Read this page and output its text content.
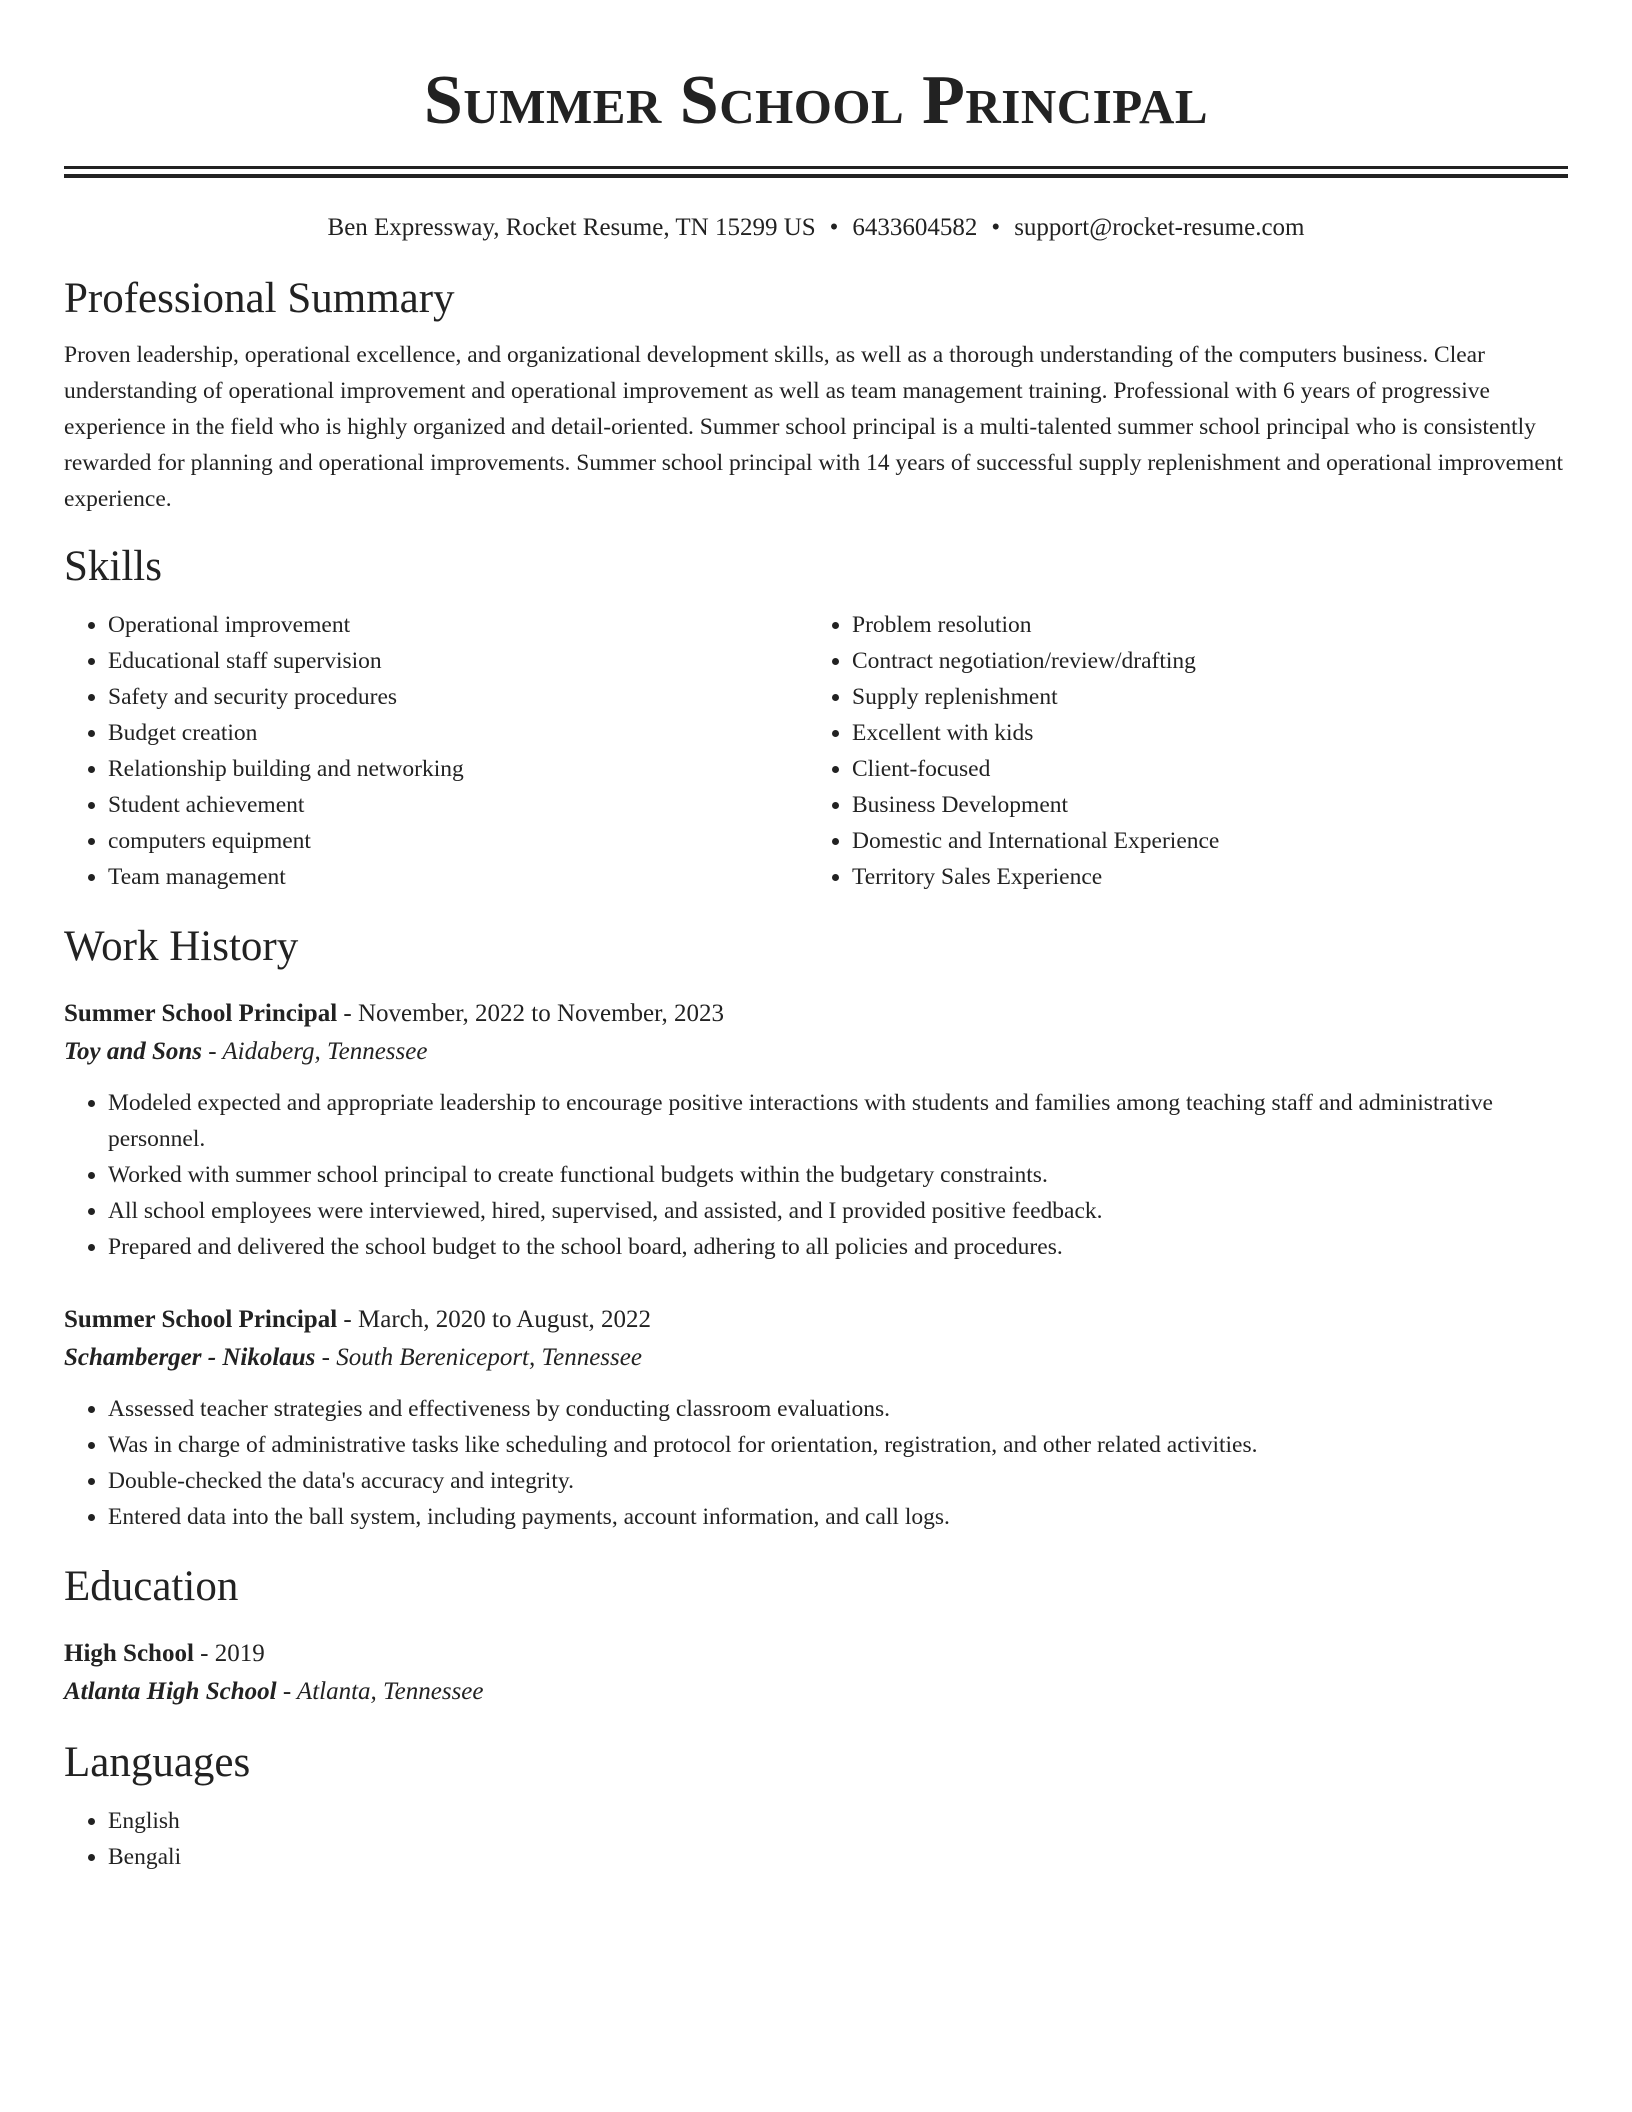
Summer School Principal
Ben Expressway, Rocket Resume, TN 15299 US • 6433604582 • support@rocket-resume.com
Professional Summary

Proven leadership, operational excellence, and organizational development skills, as well as a thorough understanding of the computers business. Clear understanding of operational improvement and operational improvement as well as team management training. Professional with 6 years of progressive experience in the field who is highly organized and detail-oriented. Summer school principal is a multi-talented summer school principal who is consistently rewarded for planning and operational improvements. Summer school principal with 14 years of successful supply replenishment and operational improvement experience.

Skills
• Operational improvement
• Educational staff supervision
• Safety and security procedures
• Budget creation
• Relationship building and networking
• Student achievement
• computers equipment
• Team management
• Problem resolution
• Contract negotiation/review/drafting
• Supply replenishment
• Excellent with kids
• Client-focused
• Business Development
• Domestic and International Experience
• Territory Sales Experience
Work History
Summer School Principal - November, 2022 to November, 2023
Toy and Sons - Aidaberg, Tennessee
• Modeled expected and appropriate leadership to encourage positive interactions with students and families among teaching staff and administrative personnel.
• Worked with summer school principal to create functional budgets within the budgetary constraints.
• All school employees were interviewed, hired, supervised, and assisted, and I provided positive feedback.
• Prepared and delivered the school budget to the school board, adhering to all policies and procedures.
Summer School Principal - March, 2020 to August, 2022
Schamberger - Nikolaus - South Bereniceport, Tennessee
• Assessed teacher strategies and effectiveness by conducting classroom evaluations.
• Was in charge of administrative tasks like scheduling and protocol for orientation, registration, and other related activities.
• Double-checked the data's accuracy and integrity.
• Entered data into the ball system, including payments, account information, and call logs.
Education
High School - 2019
Atlanta High School - Atlanta, Tennessee
Languages
• English
• Bengali
